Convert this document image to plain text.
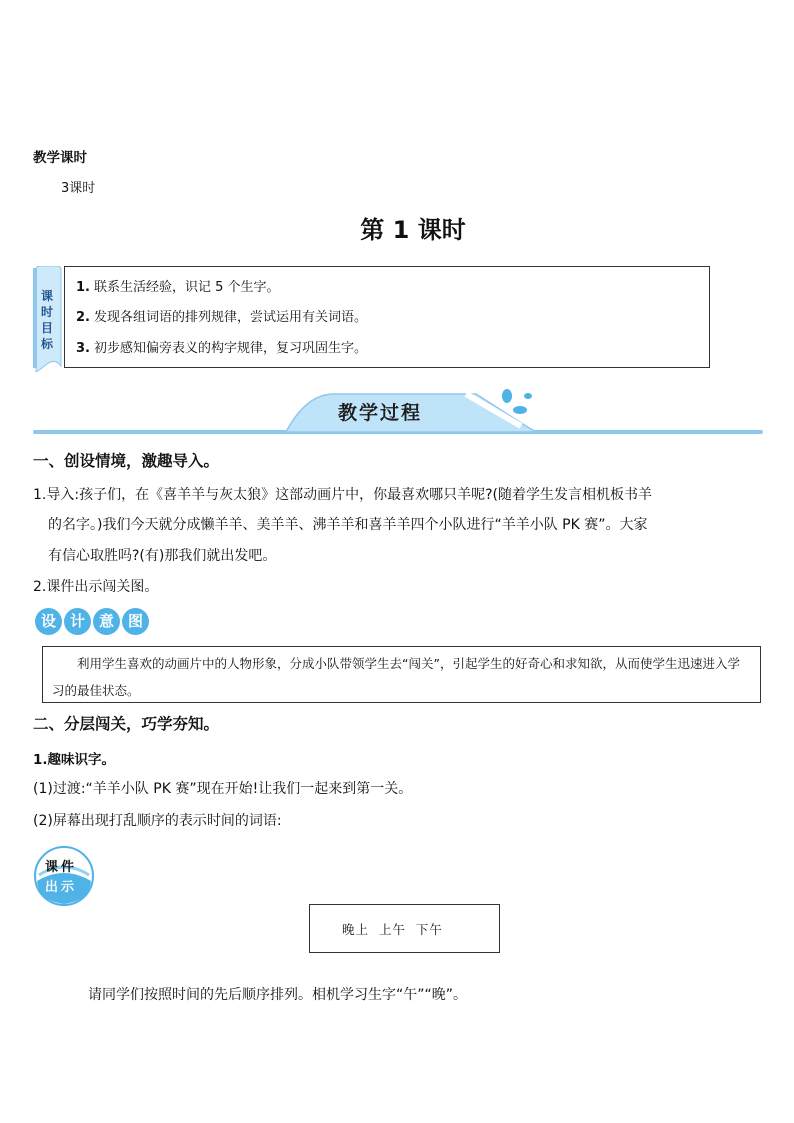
教学课时
3课时
第 1 课时
课时目标
1. 联系生活经验，识记 5 个生字。
2. 发现各组词语的排列规律，尝试运用有关词语。
3. 初步感知偏旁表义的构字规律，复习巩固生字。
教学过程
一、创设情境，激趣导入。
1.导入:孩子们，在《喜羊羊与灰太狼》这部动画片中，你最喜欢哪只羊呢?(随着学生发言相机板书羊
的名字。)我们今天就分成懒羊羊、美羊羊、沸羊羊和喜羊羊四个小队进行“羊羊小队 PK 赛”。大家
有信心取胜吗?(有)那我们就出发吧。
2.课件出示闯关图。
设 计 意 图
利用学生喜欢的动画片中的人物形象，分成小队带领学生去“闯关”，引起学生的好奇心和求知欲，从而使学生迅速进入学习的最佳状态。
二、分层闯关，巧学夯知。
1.趣味识字。
(1)过渡:“羊羊小队 PK 赛”现在开始!让我们一起来到第一关。
(2)屏幕出现打乱顺序的表示时间的词语:
课件
出示
晚上  上午  下午
请同学们按照时间的先后顺序排列。相机学习生字“午”“晚”。
